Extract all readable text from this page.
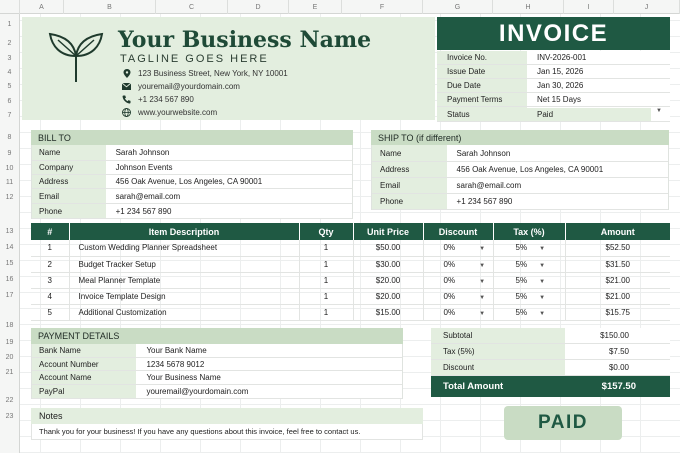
A	B	C	D	E	F	G	H	I	J
1
2
3
4
5
6
7
8
9
10
11
12
13
14
15
16
17
18
19
20
21
22
23
Your Business Name
TAGLINE GOES HERE
123 Business Street, New York, NY 10001
youremail@yourdomain.com
+1 234 567 890
www.yourwebsite.com
INVOICE
Invoice No.	INV-2026-001
Issue Date	Jan 15, 2026
Due Date	Jan 30, 2026
Payment Terms	Net 15 Days
Status	Paid	▼
BILL TO
Name	Sarah Johnson
Company	Johnson Events
Address	456 Oak Avenue, Los Angeles, CA 90001
Email	sarah@email.com
Phone	+1 234 567 890
SHIP TO (if different)
Name	Sarah Johnson
Address	456 Oak Avenue, Los Angeles, CA 90001
Email	sarah@email.com
Phone	+1 234 567 890
#	Item Description	Qty	Unit Price	Discount	Tax (%)	Amount
1	Custom Wedding Planner Spreadsheet	1	$50.00	0% ▼	5% ▼	$52.50
2	Budget Tracker Setup	1	$30.00	0% ▼	5% ▼	$31.50
3	Meal Planner Template	1	$20.00	0% ▼	5% ▼	$21.00
4	Invoice Template Design	1	$20.00	0% ▼	5% ▼	$21.00
5	Additional Customization	1	$15.00	0% ▼	5% ▼	$15.75
PAYMENT DETAILS
Bank Name	Your Bank Name
Account Number	1234 5678 9012
Account Name	Your Business Name
PayPal	youremail@yourdomain.com
Subtotal	$150.00
Tax (5%)	$7.50
Discount	$0.00
Total Amount	$157.50
Notes
Thank you for your business! If you have any questions about this invoice, feel free to contact us.	PAID
